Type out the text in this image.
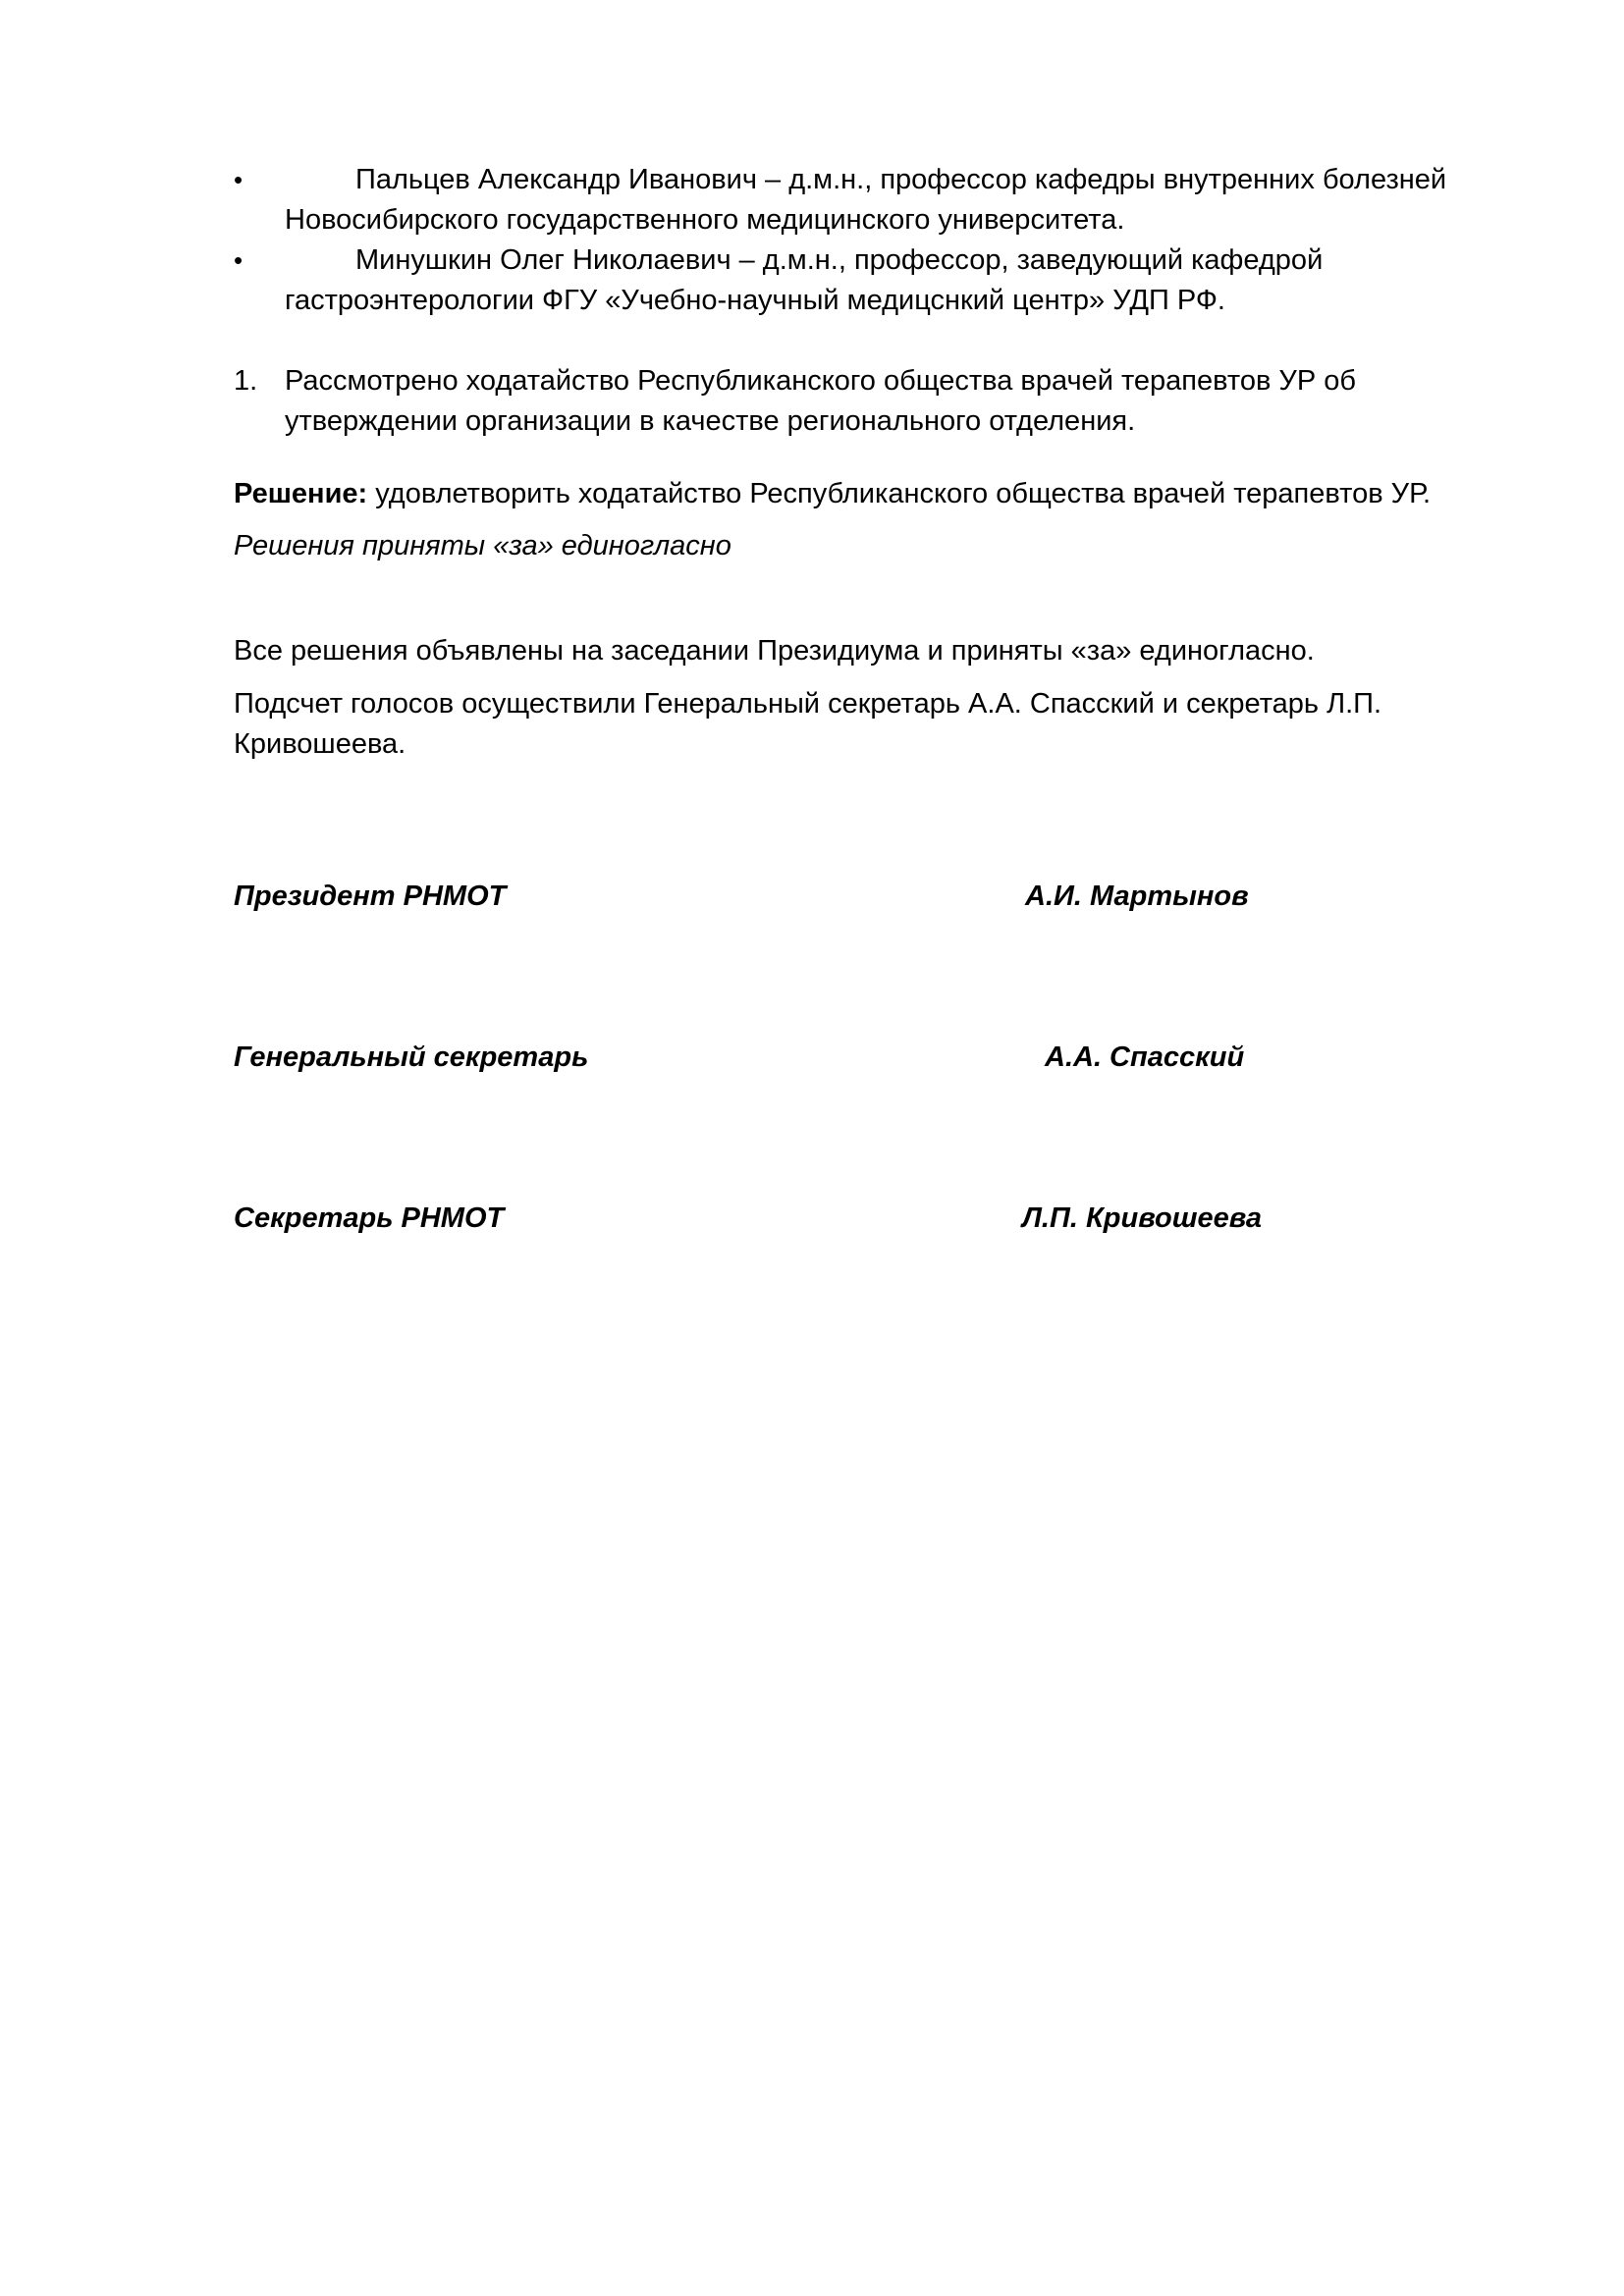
•	Пальцев Александр Иванович – д.м.н., профессор кафедры внутренних болезней Новосибирского государственного медицинского университета.
•	Минушкин Олег Николаевич – д.м.н., профессор, заведующий кафедрой гастроэнтерологии ФГУ «Учебно-научный медицснкий центр» УДП РФ.
1. Рассмотрено ходатайство Республиканского общества врачей терапевтов УР об утверждении организации в качестве регионального отделения.
Решение: удовлетворить ходатайство Республиканского общества врачей терапевтов УР.
Решения приняты «за» единогласно
Все решения объявлены на заседании Президиума и приняты «за» единогласно.
Подсчет голосов осуществили Генеральный секретарь А.А. Спасский и секретарь Л.П. Кривошеева.
Президент РНМОТ	А.И. Мартынов
Генеральный секретарь	А.А. Спасский
Секретарь РНМОТ	Л.П. Кривошеева
